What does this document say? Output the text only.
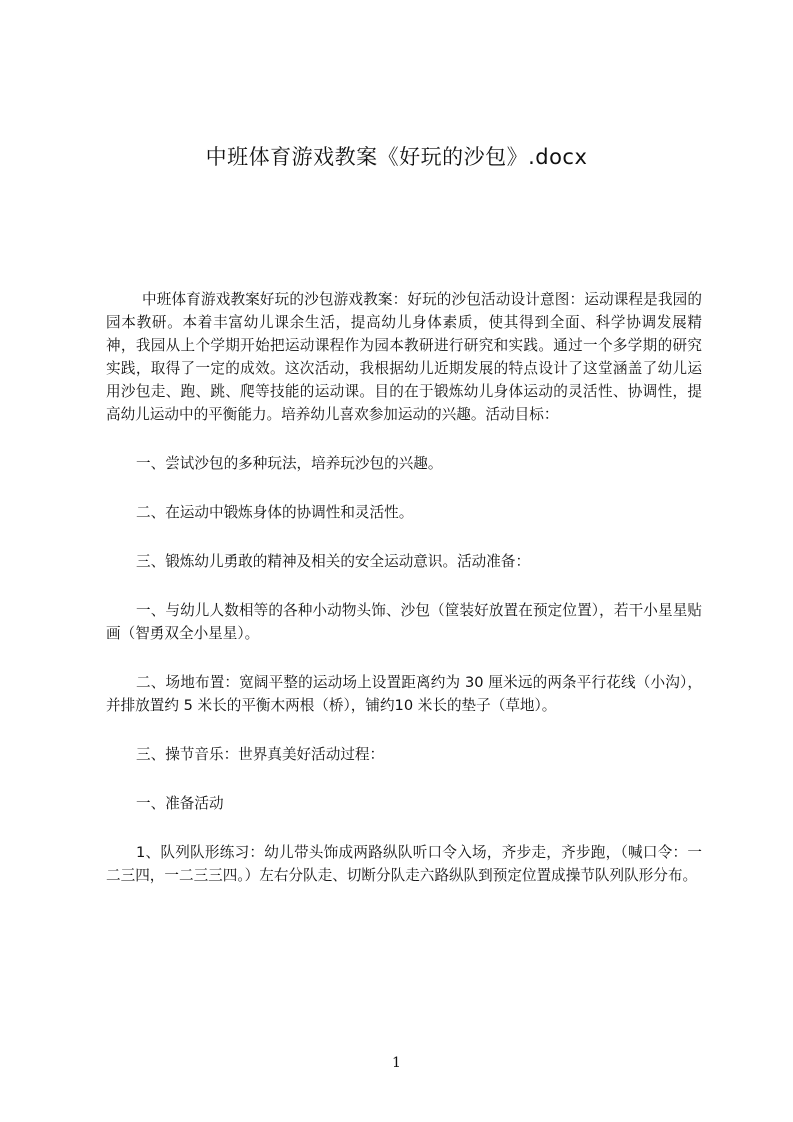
中班体育游戏教案《好玩的沙包》.docx

中班体育游戏教案好玩的沙包游戏教案：好玩的沙包活动设计意图：运动课程是我园的园本教研。本着丰富幼儿课余生活，提高幼儿身体素质，使其得到全面、科学协调发展精神，我园从上个学期开始把运动课程作为园本教研进行研究和实践。通过一个多学期的研究实践，取得了一定的成效。这次活动，我根据幼儿近期发展的特点设计了这堂涵盖了幼儿运用沙包走、跑、跳、爬等技能的运动课。目的在于锻炼幼儿身体运动的灵活性、协调性，提高幼儿运动中的平衡能力。培养幼儿喜欢参加运动的兴趣。活动目标：

一、尝试沙包的多种玩法，培养玩沙包的兴趣。

二、在运动中锻炼身体的协调性和灵活性。

三、锻炼幼儿勇敢的精神及相关的安全运动意识。活动准备：

一、与幼儿人数相等的各种小动物头饰、沙包（筐装好放置在预定位置），若干小星星贴画（智勇双全小星星）。

二、场地布置：宽阔平整的运动场上设置距离约为 30 厘米远的两条平行花线（小沟），并排放置约 5 米长的平衡木两根（桥），铺约10 米长的垫子（草地）。

三、操节音乐：世界真美好活动过程：

一、准备活动

1、队列队形练习：幼儿带头饰成两路纵队听口令入场，齐步走，齐步跑，（喊口令：一二三四，一二三三四。）左右分队走、切断分队走六路纵队到预定位置成操节队列队形分布。

1
